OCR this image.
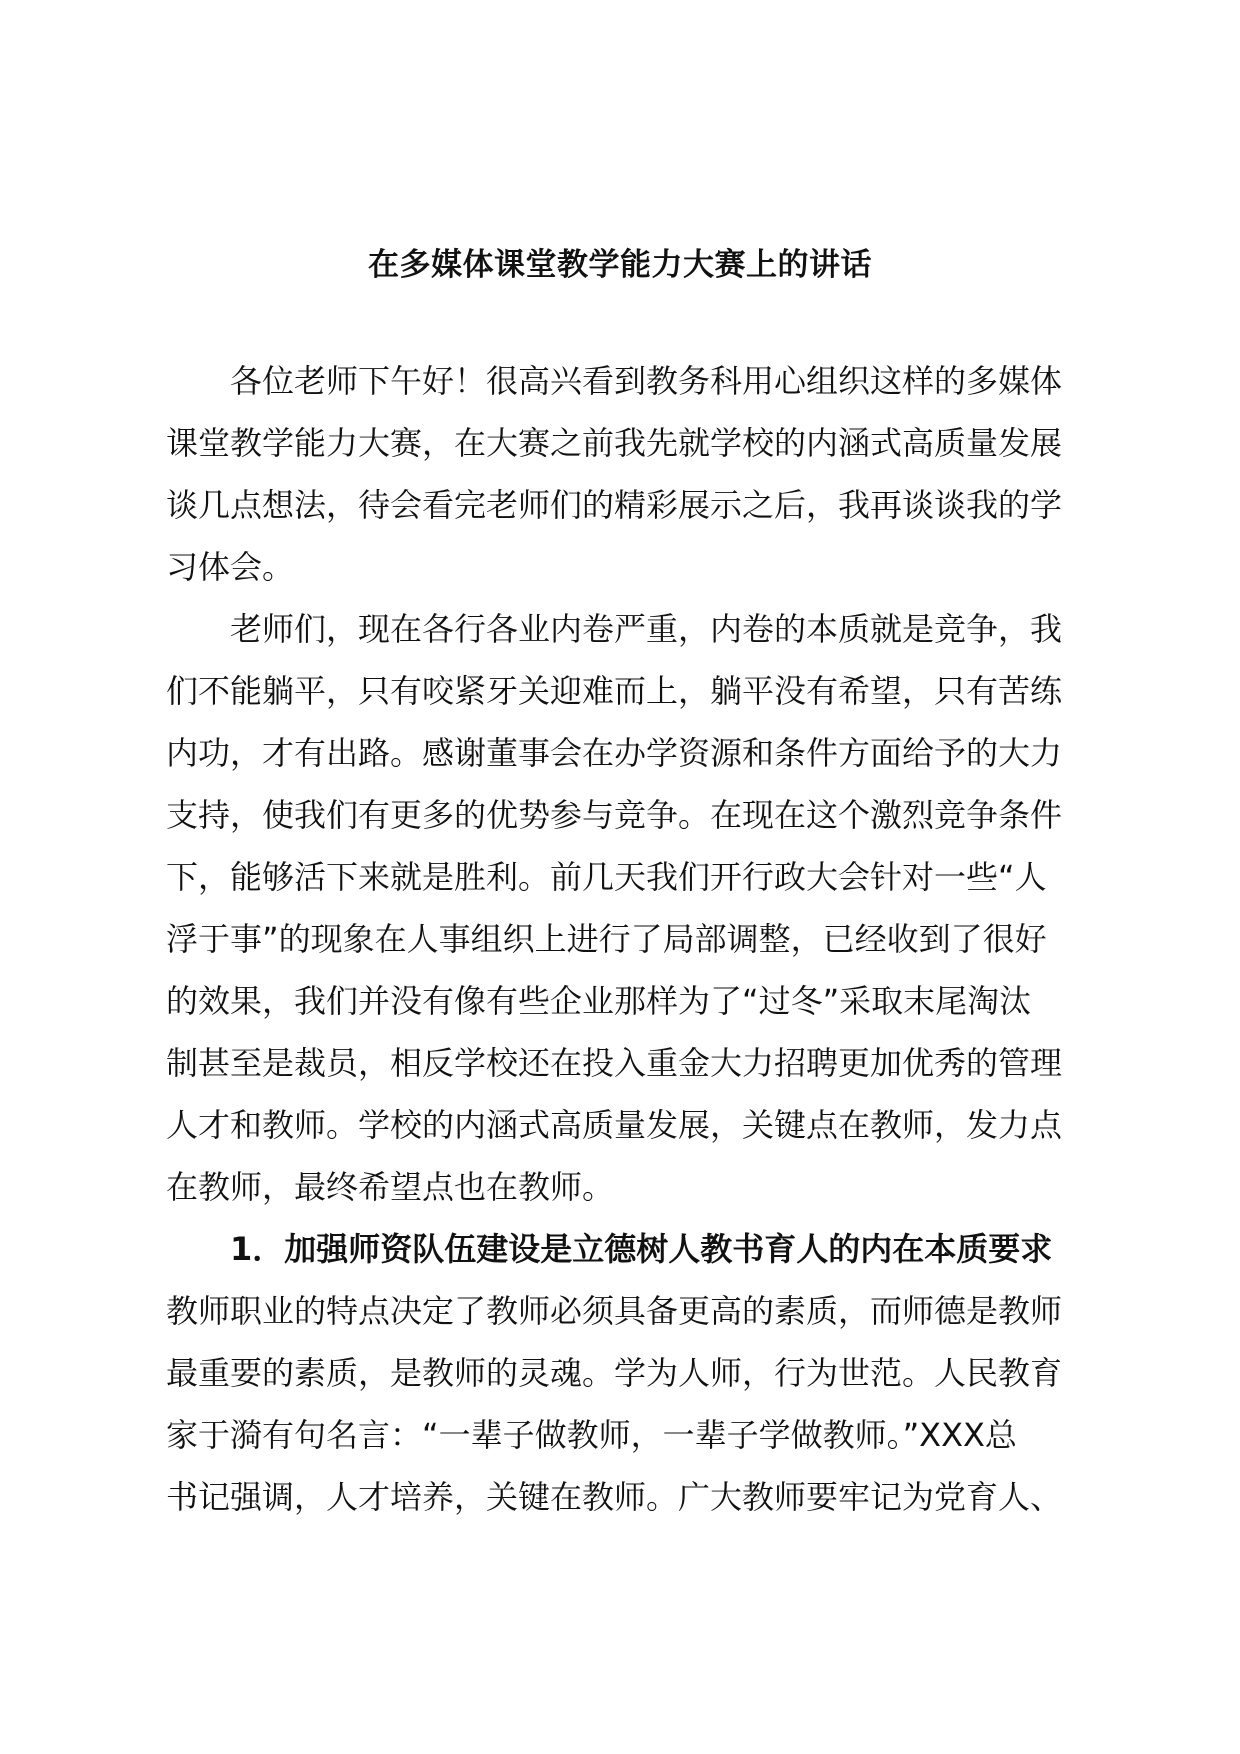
在多媒体课堂教学能力大赛上的讲话
各位老师下午好！很高兴看到教务科用心组织这样的多媒体
课堂教学能力大赛，在大赛之前我先就学校的内涵式高质量发展
谈几点想法，待会看完老师们的精彩展示之后，我再谈谈我的学
习体会。
老师们，现在各行各业内卷严重，内卷的本质就是竞争，我
们不能躺平，只有咬紧牙关迎难而上，躺平没有希望，只有苦练
内功，才有出路。感谢董事会在办学资源和条件方面给予的大力
支持，使我们有更多的优势参与竞争。在现在这个激烈竞争条件
下，能够活下来就是胜利。前几天我们开行政大会针对一些“人
浮于事”的现象在人事组织上进行了局部调整，已经收到了很好
的效果，我们并没有像有些企业那样为了“过冬”采取末尾淘汰
制甚至是裁员，相反学校还在投入重金大力招聘更加优秀的管理
人才和教师。学校的内涵式高质量发展，关键点在教师，发力点
在教师，最终希望点也在教师。
1．加强师资队伍建设是立德树人教书育人的内在本质要求
教师职业的特点决定了教师必须具备更高的素质，而师德是教师
最重要的素质，是教师的灵魂。学为人师，行为世范。人民教育
家于漪有句名言：“一辈子做教师，一辈子学做教师。”XXX总
书记强调，人才培养，关键在教师。广大教师要牢记为党育人、
